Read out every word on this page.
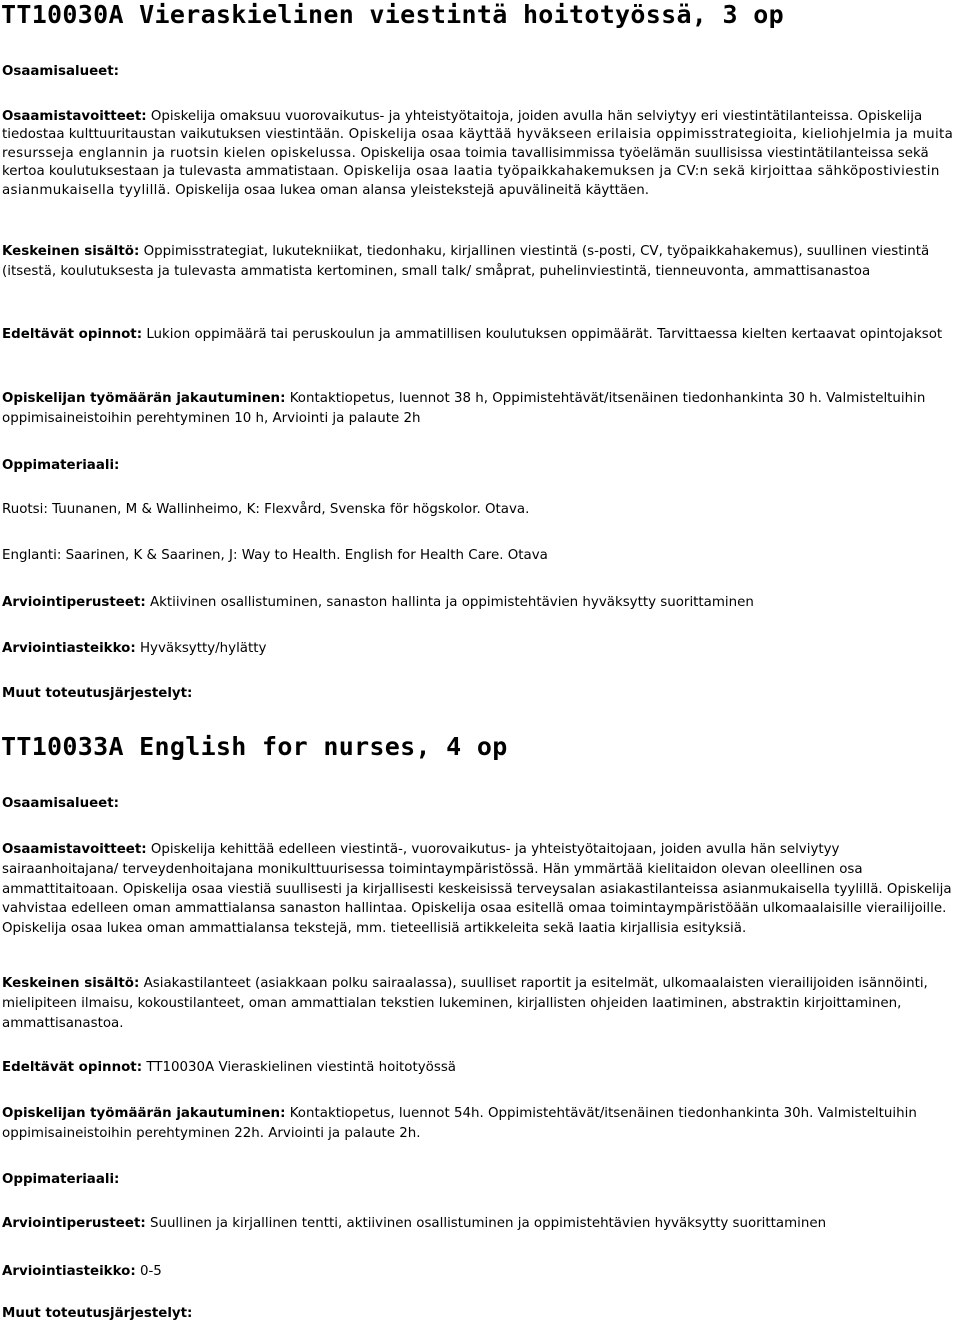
TT10030A Vieraskielinen viestintä hoitotyössä, 3 op

Osaamisalueet:

Osaamistavoitteet: Opiskelija omaksuu vuorovaikutus- ja yhteistyötaitoja, joiden avulla hän selviytyy eri viestintätilanteissa. Opiskelija tiedostaa kulttuuritaustan vaikutuksen viestintään. Opiskelija osaa käyttää hyväkseen erilaisia oppimisstrategioita, kieliohjelmia ja muita resursseja englannin ja ruotsin kielen opiskelussa. Opiskelija osaa toimia tavallisimmissa työelämän suullisissa viestintätilanteissa sekä kertoa koulutuksestaan ja tulevasta ammatistaan. Opiskelija osaa laatia työpaikkahakemuksen ja CV:n sekä kirjoittaa sähköpostiviestin asianmukaisella tyylillä. Opiskelija osaa lukea oman alansa yleistekstejä apuvälineitä käyttäen.

Keskeinen sisältö: Oppimisstrategiat, lukutekniikat, tiedonhaku, kirjallinen viestintä (s-posti, CV, työpaikkahakemus), suullinen viestintä (itsestä, koulutuksesta ja tulevasta ammatista kertominen, small talk/ småprat, puhelinviestintä, tienneuvonta, ammattisanastoa

Edeltävät opinnot: Lukion oppimäärä tai peruskoulun ja ammatillisen koulutuksen oppimäärät. Tarvittaessa kielten kertaavat opintojaksot

Opiskelijan työmäärän jakautuminen: Kontaktiopetus, luennot 38 h, Oppimistehtävät/itsenäinen tiedonhankinta 30 h. Valmisteltuihin oppimisaineistoihin perehtyminen 10 h, Arviointi ja palaute 2h

Oppimateriaali:

Ruotsi: Tuunanen, M & Wallinheimo, K: Flexvård, Svenska för högskolor. Otava.

Englanti: Saarinen, K & Saarinen, J: Way to Health. English for Health Care. Otava

Arviointiperusteet: Aktiivinen osallistuminen, sanaston hallinta ja oppimistehtävien hyväksytty suorittaminen

Arviointiasteikko: Hyväksytty/hylätty

Muut toteutusjärjestelyt:

TT10033A English for nurses, 4 op

Osaamisalueet:

Osaamistavoitteet: Opiskelija kehittää edelleen viestintä-, vuorovaikutus- ja yhteistyötaitojaan, joiden avulla hän selviytyy sairaanhoitajana/ terveydenhoitajana monikulttuurisessa toimintaympäristössä. Hän ymmärtää kielitaidon olevan oleellinen osa ammattitaitoaan. Opiskelija osaa viestiä suullisesti ja kirjallisesti keskeisissä terveysalan asiakastilanteissa asianmukaisella tyylillä. Opiskelija vahvistaa edelleen oman ammattialansa sanaston hallintaa. Opiskelija osaa esitellä omaa toimintaympäristöään ulkomaalaisille vierailijoille. Opiskelija osaa lukea oman ammattialansa tekstejä, mm. tieteellisiä artikkeleita sekä laatia kirjallisia esityksiä.

Keskeinen sisältö: Asiakastilanteet (asiakkaan polku sairaalassa), suulliset raportit ja esitelmät, ulkomaalaisten vierailijoiden isännöinti, mielipiteen ilmaisu, kokoustilanteet, oman ammattialan tekstien lukeminen, kirjallisten ohjeiden laatiminen, abstraktin kirjoittaminen, ammattisanastoa.

Edeltävät opinnot: TT10030A Vieraskielinen viestintä hoitotyössä

Opiskelijan työmäärän jakautuminen: Kontaktiopetus, luennot 54h. Oppimistehtävät/itsenäinen tiedonhankinta 30h. Valmisteltuihin oppimisaineistoihin perehtyminen 22h. Arviointi ja palaute 2h.

Oppimateriaali:

Arviointiperusteet: Suullinen ja kirjallinen tentti, aktiivinen osallistuminen ja oppimistehtävien hyväksytty suorittaminen

Arviointiasteikko: 0-5

Muut toteutusjärjestelyt:
